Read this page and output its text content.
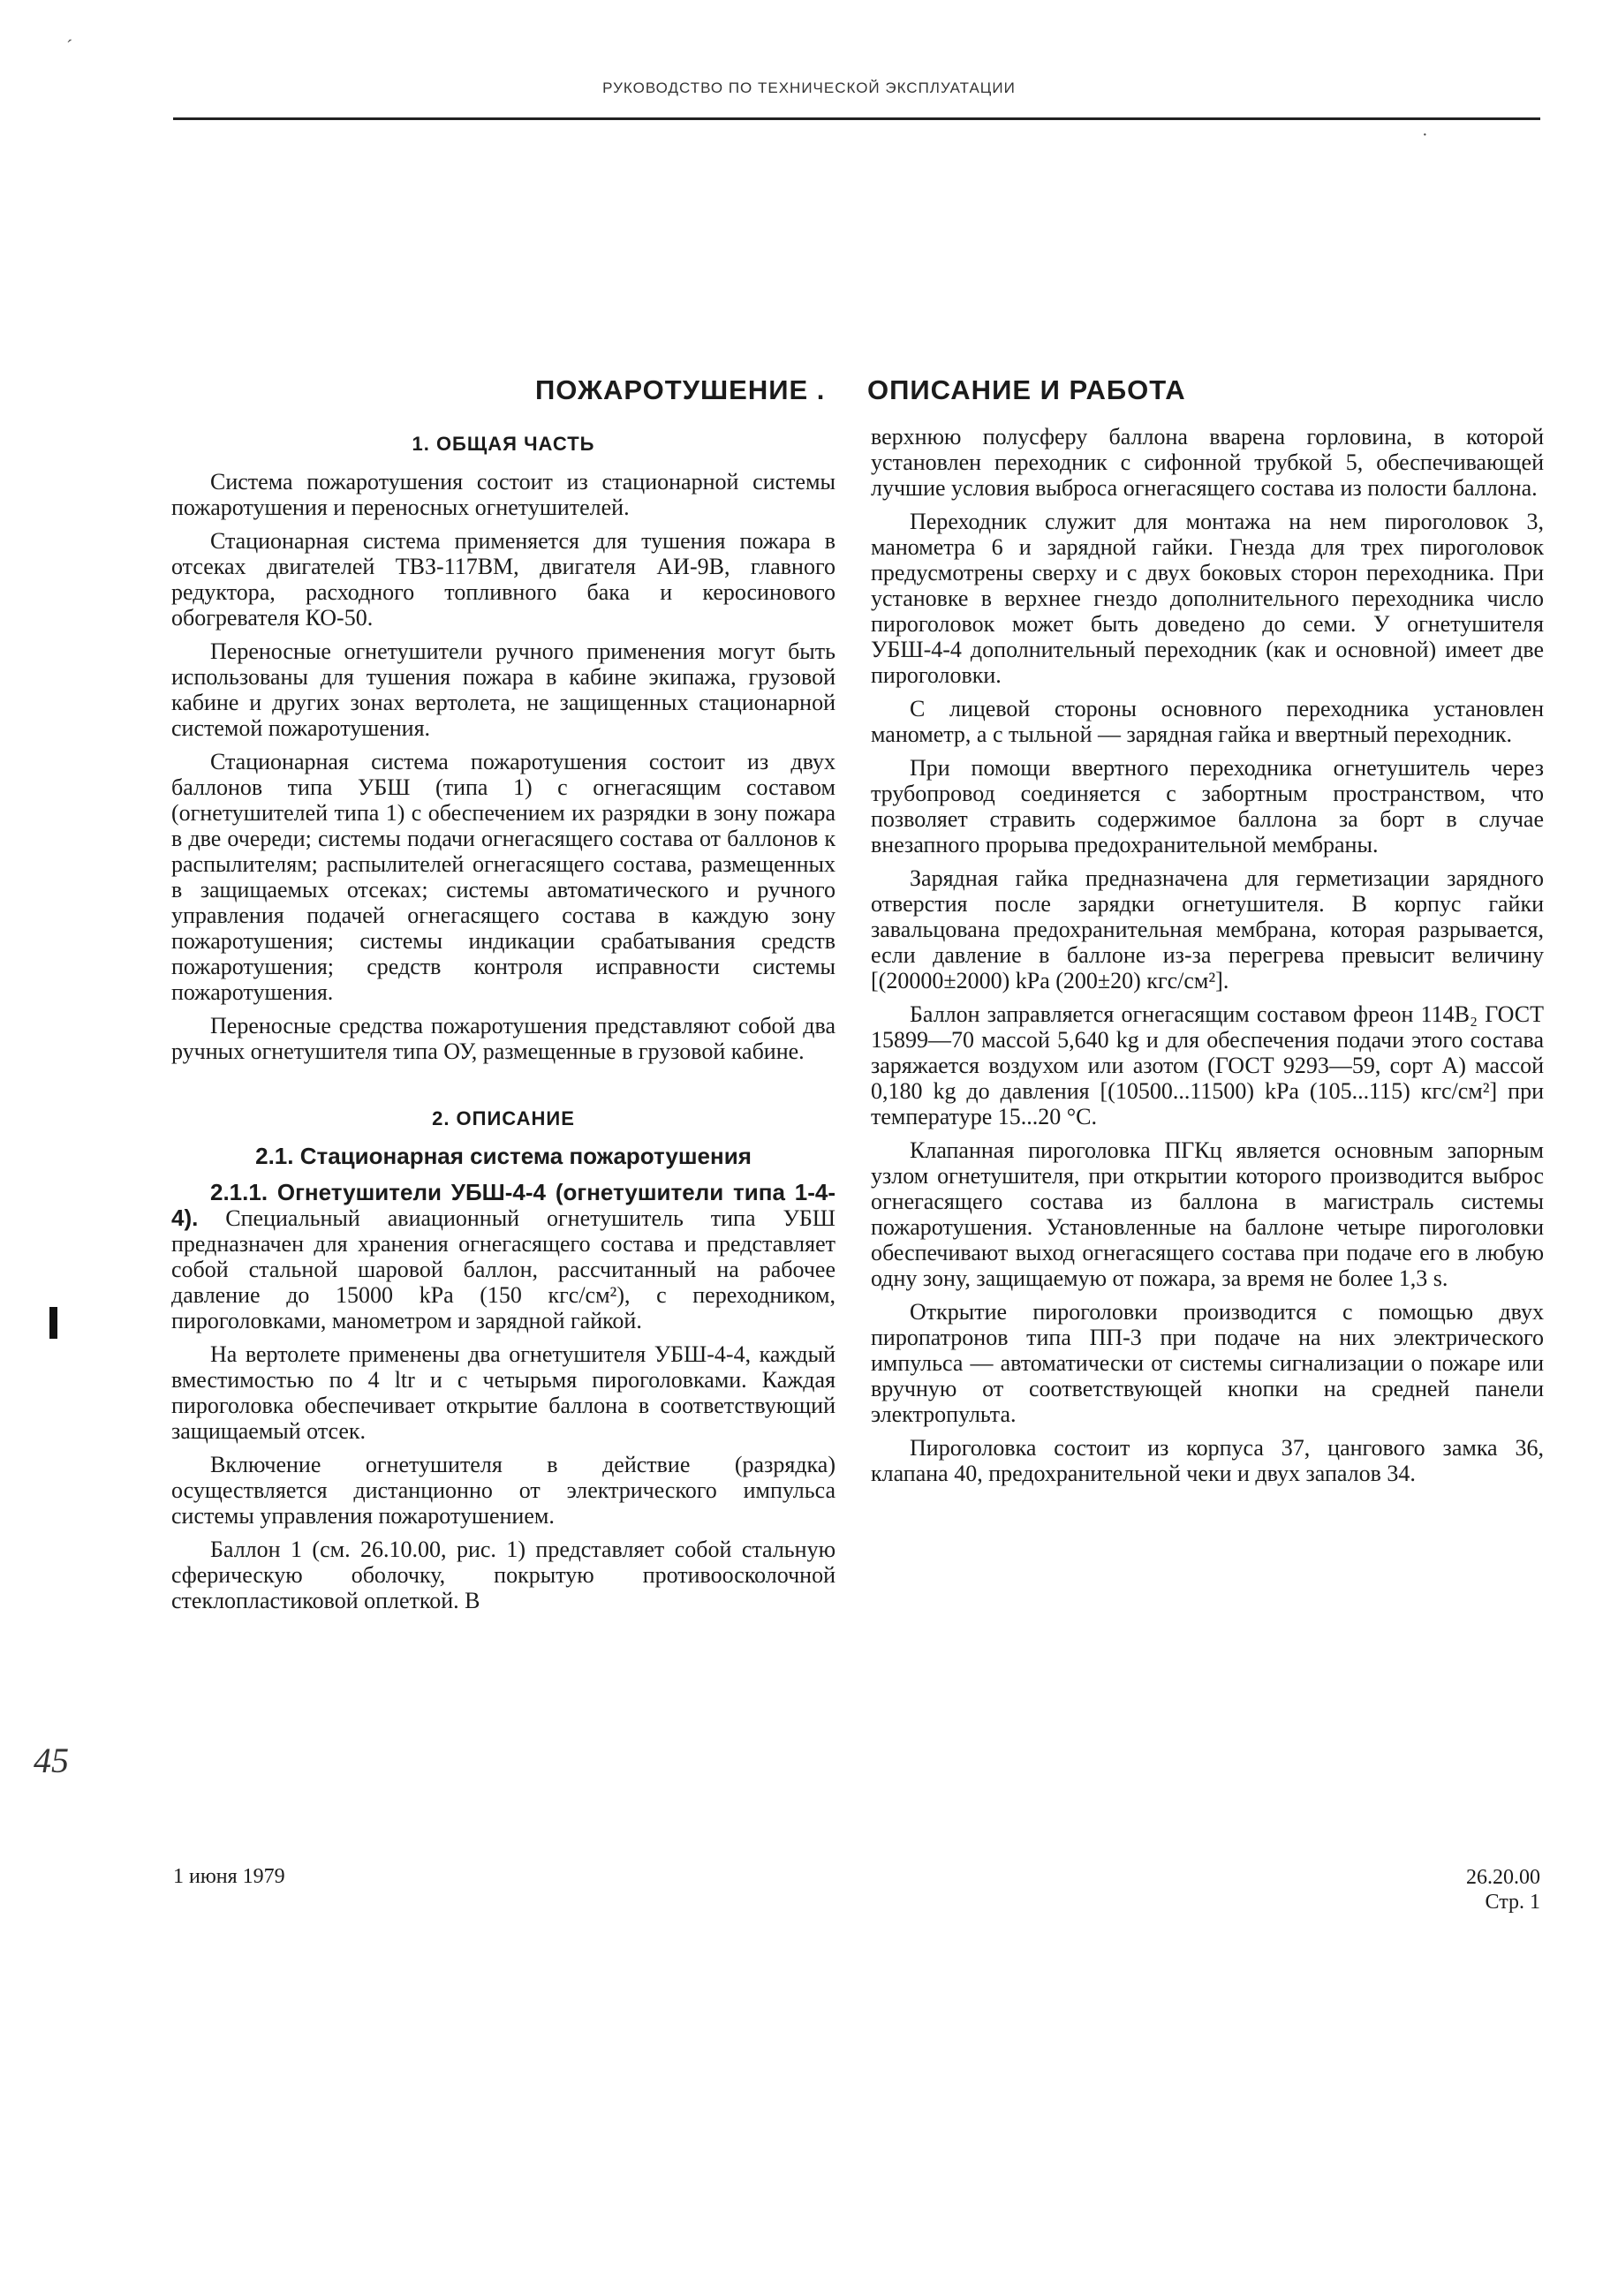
´
РУКОВОДСТВО ПО ТЕХНИЧЕСКОЙ ЭКСПЛУАТАЦИИ
·
ПОЖАРОТУШЕНИЕ . ОПИСАНИЕ И РАБОТА
45
1. ОБЩАЯ ЧАСТЬ

Система пожаротушения состоит из стационарной системы пожаротушения и переносных огнетушителей.

Стационарная система применяется для тушения пожара в отсеках двигателей ТВЗ-117ВМ, двигателя АИ-9В, главного редуктора, расходного топливного бака и керосинового обогревателя КО-50.

Переносные огнетушители ручного применения могут быть использованы для тушения пожара в кабине экипажа, грузовой кабине и других зонах вертолета, не защищенных стационарной системой пожаротушения.

Стационарная система пожаротушения состоит из двух баллонов типа УБШ (типа 1) с огнегасящим составом (огнетушителей типа 1) с обеспечением их разрядки в зону пожара в две очереди; системы подачи огнегасящего состава от баллонов к распылителям; распылителей огнегасящего состава, размещенных в защищаемых отсеках; системы автоматического и ручного управления подачей огнегасящего состава в каждую зону пожаротушения; системы индикации срабатывания средств пожаротушения; средств контроля исправности системы пожаротушения.

Переносные средства пожаротушения представляют собой два ручных огнетушителя типа ОУ, размещенные в грузовой кабине.

2. ОПИСАНИЕ
2.1. Стационарная система пожаротушения

2.1.1. Огнетушители УБШ-4-4 (огнетушители типа 1-4-4). Специальный авиационный огнетушитель типа УБШ предназначен для хранения огнегасящего состава и представляет собой стальной шаровой баллон, рассчитанный на рабочее давление до 15000 kPa (150 кгс/см²), с переходником, пироголовками, манометром и зарядной гайкой.

На вертолете применены два огнетушителя УБШ-4-4, каждый вместимостью по 4 ltr и с четырьмя пироголовками. Каждая пироголовка обеспечивает открытие баллона в соответствующий защищаемый отсек.

Включение огнетушителя в действие (разрядка) осуществляется дистанционно от электрического импульса системы управления пожаротушением.

Баллон 1 (см. 26.10.00, рис. 1) представляет собой стальную сферическую оболочку, покрытую противоосколочной стеклопластиковой оплеткой. В

верхнюю полусферу баллона вварена горловина, в которой установлен переходник с сифонной трубкой 5, обеспечивающей лучшие условия выброса огнегасящего состава из полости баллона.

Переходник служит для монтажа на нем пироголовок 3, манометра 6 и зарядной гайки. Гнезда для трех пироголовок предусмотрены сверху и с двух боковых сторон переходника. При установке в верхнее гнездо дополнительного переходника число пироголовок может быть доведено до семи. У огнетушителя УБШ-4-4 дополнительный переходник (как и основной) имеет две пироголовки.

С лицевой стороны основного переходника установлен манометр, а с тыльной — зарядная гайка и ввертный переходник.

При помощи ввертного переходника огнетушитель через трубопровод соединяется с забортным пространством, что позволяет стравить содержимое баллона за борт в случае внезапного прорыва предохранительной мембраны.

Зарядная гайка предназначена для герметизации зарядного отверстия после зарядки огнетушителя. В корпус гайки завальцована предохранительная мембрана, которая разрывается, если давление в баллоне из-за перегрева превысит величину [(20000±2000) kPa (200±20) кгс/см²].

Баллон заправляется огнегасящим составом фреон 114В₂ ГОСТ 15899—70 массой 5,640 kg и для обеспечения подачи этого состава заряжается воздухом или азотом (ГОСТ 9293—59, сорт А) массой 0,180 kg до давления [(10500...11500) kPa (105...115) кгс/см²] при температуре 15...20 °C.

Клапанная пироголовка ПГКц является основным запорным узлом огнетушителя, при открытии которого производится выброс огнегасящего состава из баллона в магистраль системы пожаротушения. Установленные на баллоне четыре пироголовки обеспечивают выход огнегасящего состава при подаче его в любую одну зону, защищаемую от пожара, за время не более 1,3 s.

Открытие пироголовки производится с помощью двух пиропатронов типа ПП-3 при подаче на них электрического импульса — автоматически от системы сигнализации о пожаре или вручную от соответствующей кнопки на средней панели электропульта.

Пироголовка состоит из корпуса 37, цангового замка 36, клапана 40, предохранительной чеки и двух запалов 34.

1 июня 1979	26.20.00
Стр. 1
